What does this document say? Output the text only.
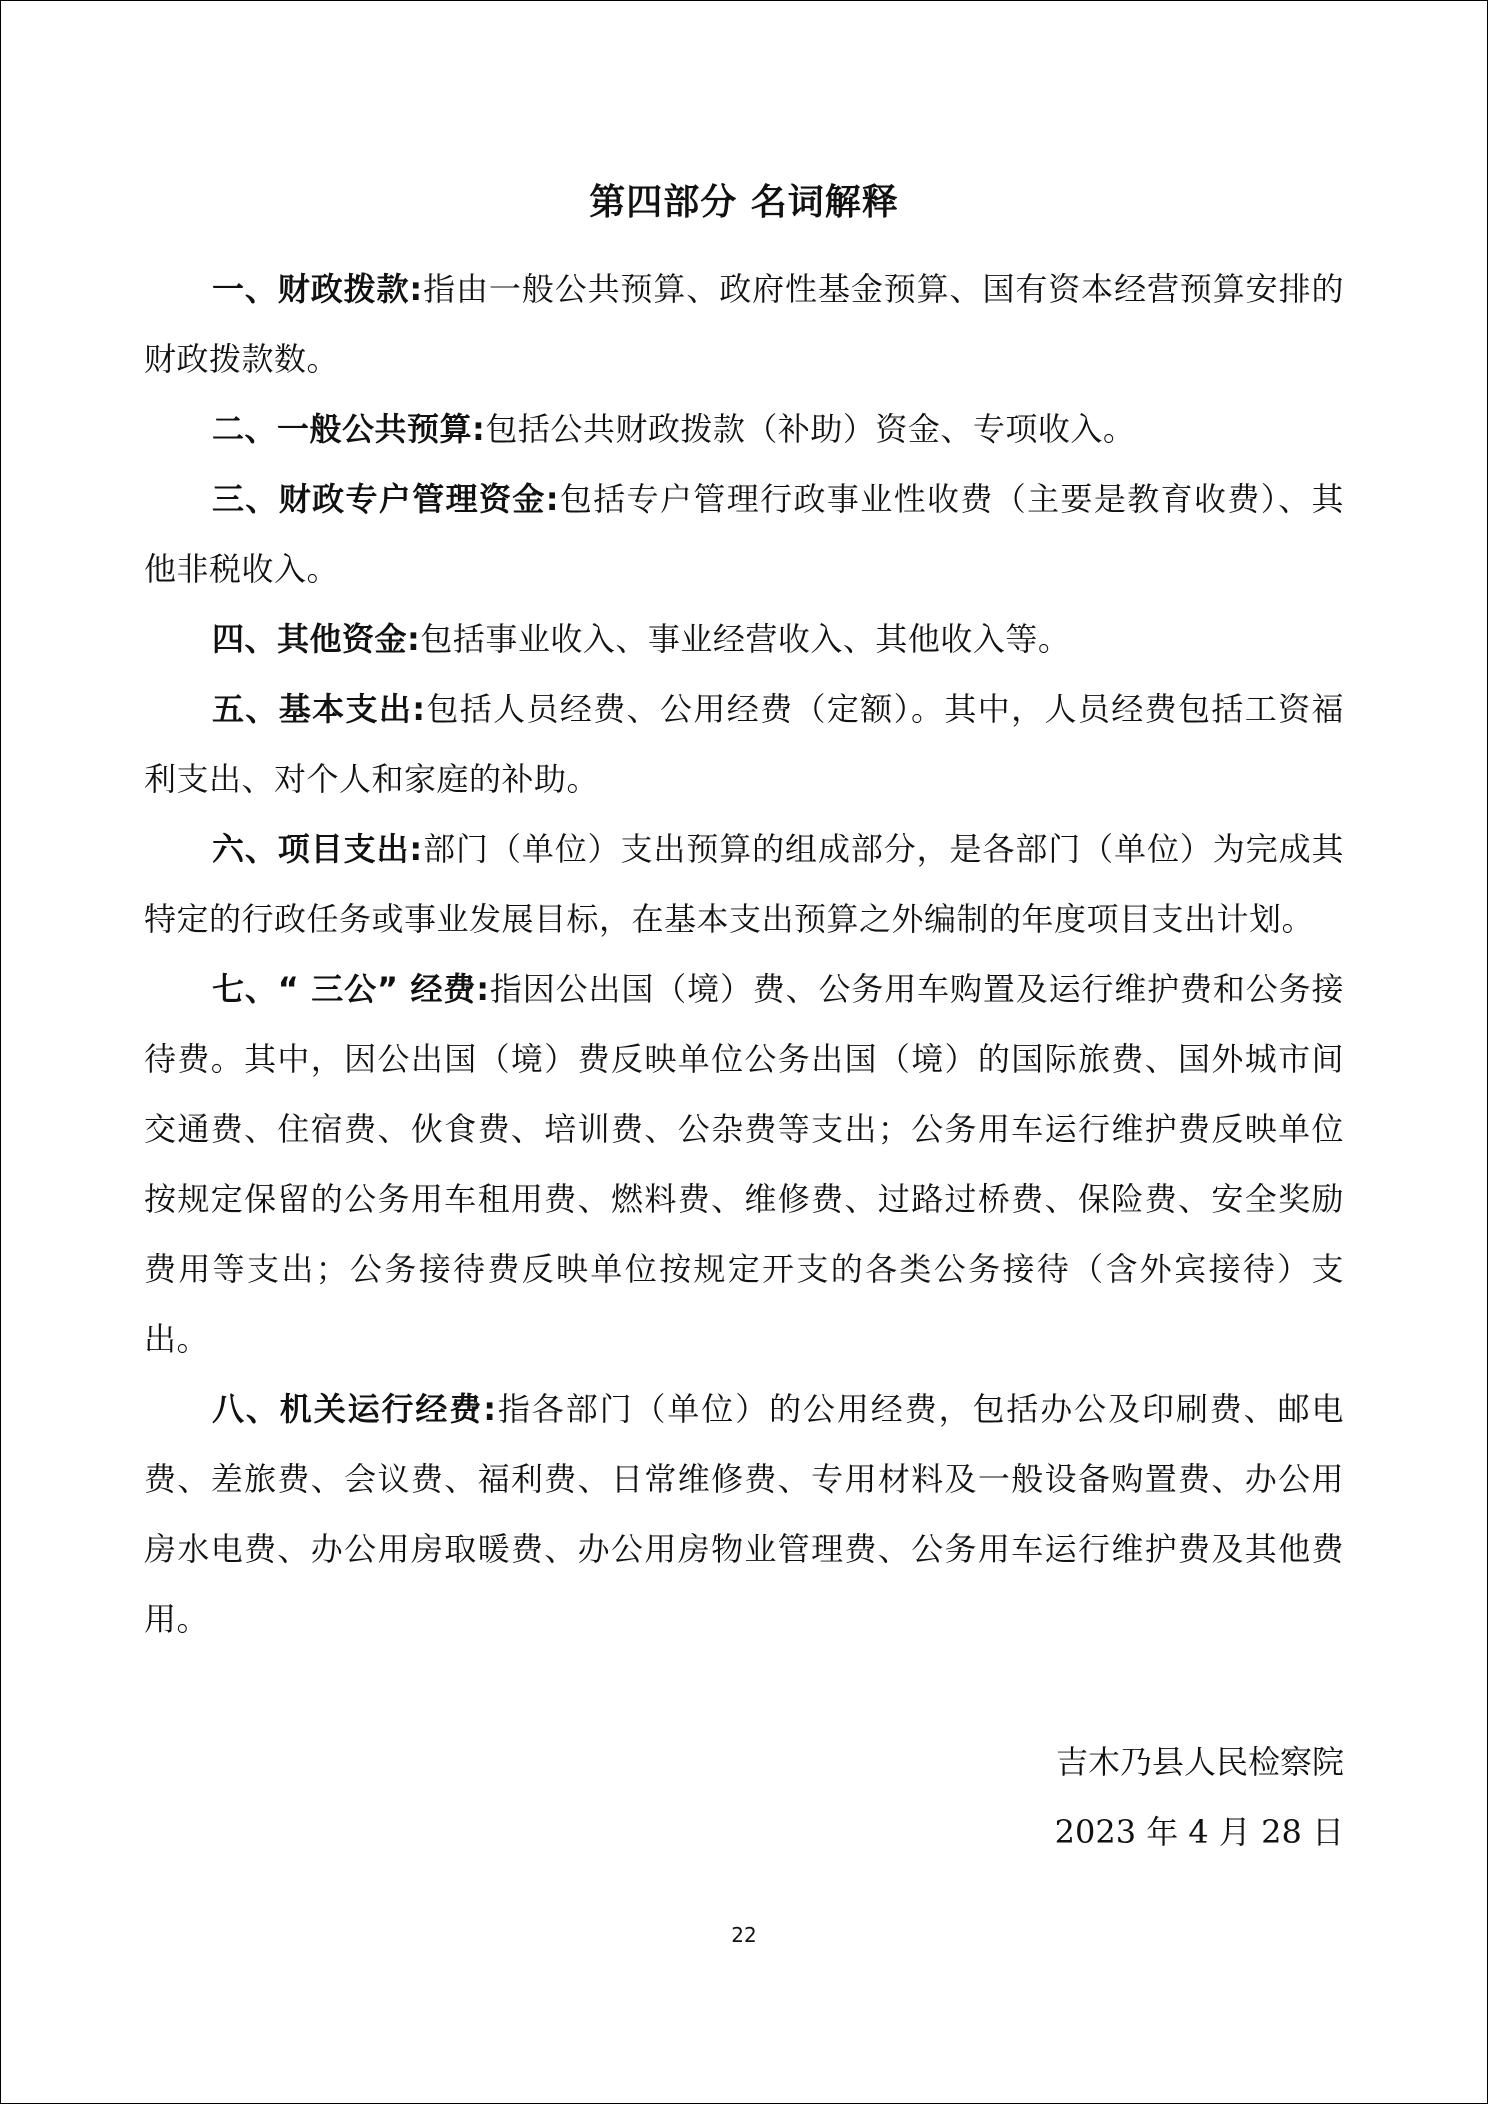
第四部分 名词解释

一、财政拨款:指由一般公共预算、政府性基金预算、国有资本经营预算安排的财政拨款数。

二、一般公共预算:包括公共财政拨款（补助）资金、专项收入。

三、财政专户管理资金:包括专户管理行政事业性收费（主要是教育收费）、其他非税收入。

四、其他资金:包括事业收入、事业经营收入、其他收入等。

五、基本支出:包括人员经费、公用经费（定额）。其中，人员经费包括工资福利支出、对个人和家庭的补助。

六、项目支出:部门（单位）支出预算的组成部分，是各部门（单位）为完成其特定的行政任务或事业发展目标，在基本支出预算之外编制的年度项目支出计划。

七、“ 三公” 经费:指因公出国（境）费、公务用车购置及运行维护费和公务接待费。其中，因公出国（境）费反映单位公务出国（境）的国际旅费、国外城市间交通费、住宿费、伙食费、培训费、公杂费等支出；公务用车运行维护费反映单位按规定保留的公务用车租用费、燃料费、维修费、过路过桥费、保险费、安全奖励费用等支出；公务接待费反映单位按规定开支的各类公务接待（含外宾接待）支出。

八、机关运行经费:指各部门（单位）的公用经费，包括办公及印刷费、邮电费、差旅费、会议费、福利费、日常维修费、专用材料及一般设备购置费、办公用房水电费、办公用房取暖费、办公用房物业管理费、公务用车运行维护费及其他费用。

吉木乃县人民检察院
2023 年 4 月 28 日
22
